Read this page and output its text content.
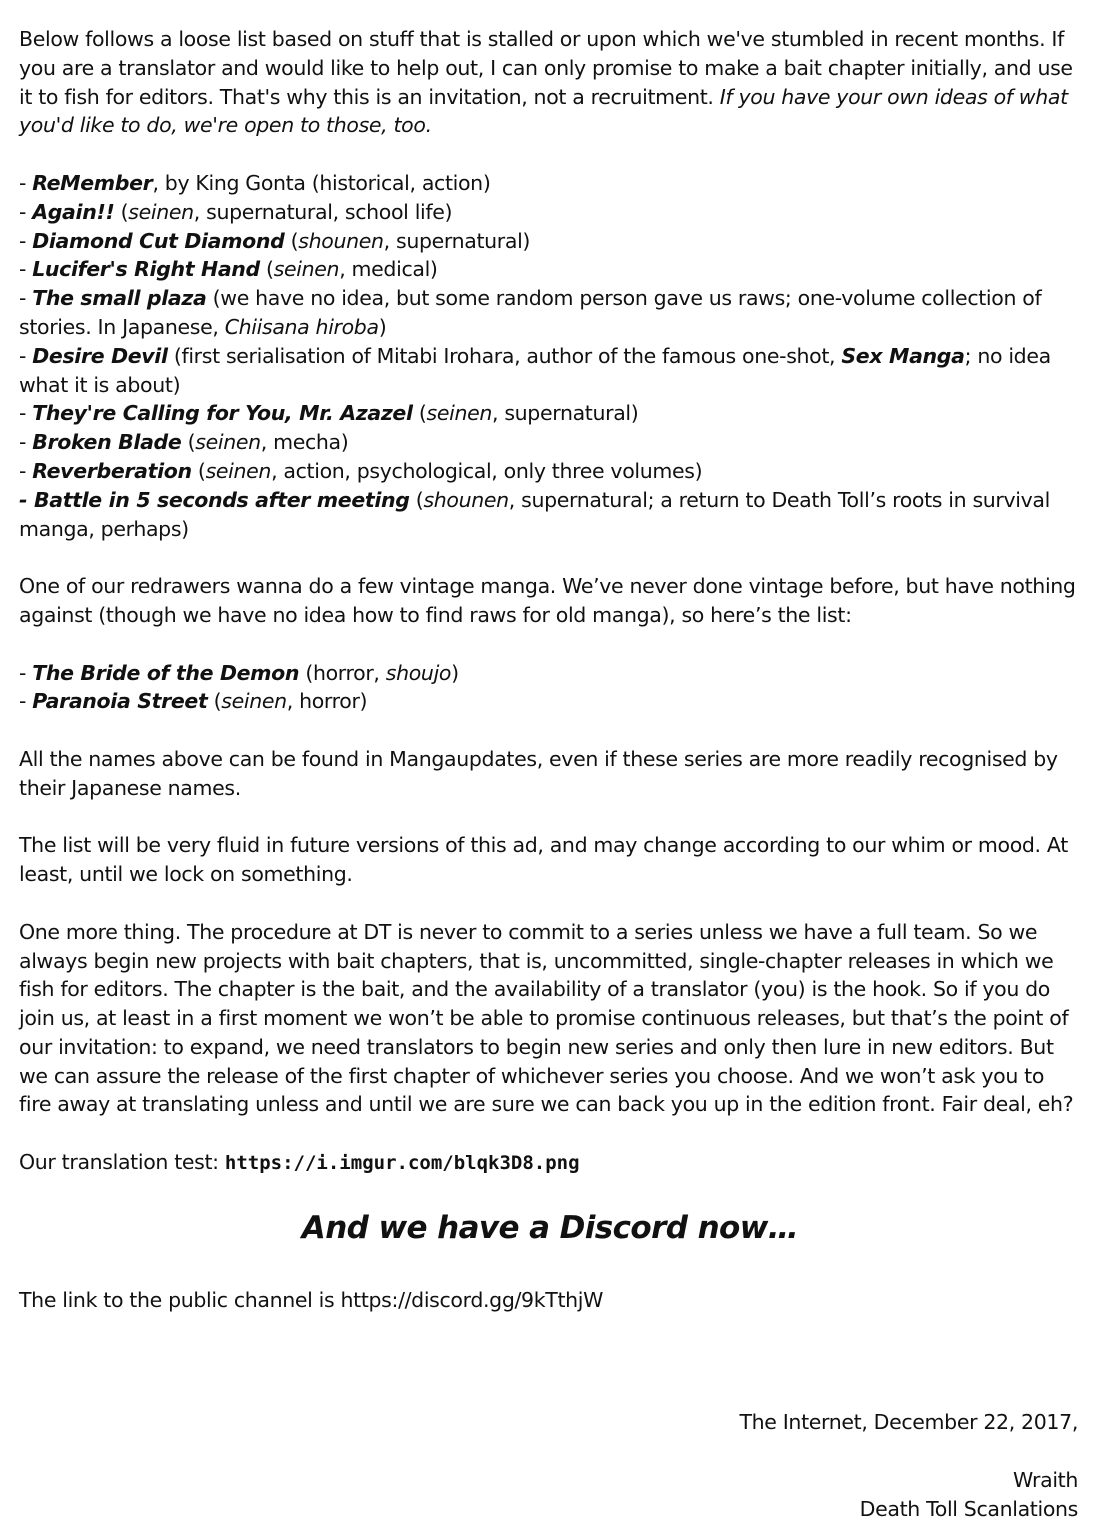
Below follows a loose list based on stuff that is stalled or upon which we've stumbled in recent months. If you are a translator and would like to help out, I can only promise to make a bait chapter initially, and use it to fish for editors. That's why this is an invitation, not a recruitment. If you have your own ideas of what you'd like to do, we're open to those, too.

- ReMember, by King Gonta (historical, action)
- Again!! (seinen, supernatural, school life)
- Diamond Cut Diamond (shounen, supernatural)
- Lucifer's Right Hand (seinen, medical)
- The small plaza (we have no idea, but some random person gave us raws; one-volume collection of stories. In Japanese, Chiisana hiroba)
- Desire Devil (first serialisation of Mitabi Irohara, author of the famous one-shot, Sex Manga; no idea what it is about)
- They're Calling for You, Mr. Azazel (seinen, supernatural)
- Broken Blade (seinen, mecha)
- Reverberation (seinen, action, psychological, only three volumes)
- Battle in 5 seconds after meeting (shounen, supernatural; a return to Death Toll’s roots in survival manga, perhaps)

One of our redrawers wanna do a few vintage manga. We’ve never done vintage before, but have nothing against (though we have no idea how to find raws for old manga), so here’s the list:

- The Bride of the Demon (horror, shoujo)
- Paranoia Street (seinen, horror)

All the names above can be found in Mangaupdates, even if these series are more readily recognised by their Japanese names.

The list will be very fluid in future versions of this ad, and may change according to our whim or mood. At least, until we lock on something.

One more thing. The procedure at DT is never to commit to a series unless we have a full team. So we always begin new projects with bait chapters, that is, uncommitted, single-chapter releases in which we fish for editors. The chapter is the bait, and the availability of a translator (you) is the hook. So if you do join us, at least in a first moment we won’t be able to promise continuous releases, but that’s the point of our invitation: to expand, we need translators to begin new series and only then lure in new editors. But we can assure the release of the first chapter of whichever series you choose. And we won’t ask you to fire away at translating unless and until we are sure we can back you up in the edition front. Fair deal, eh?

Our translation test: https://i.imgur.com/blqk3D8.png

And we have a Discord now…

The link to the public channel is https://discord.gg/9kTthjW

The Internet, December 22, 2017,
Wraith
Death Toll Scanlations
